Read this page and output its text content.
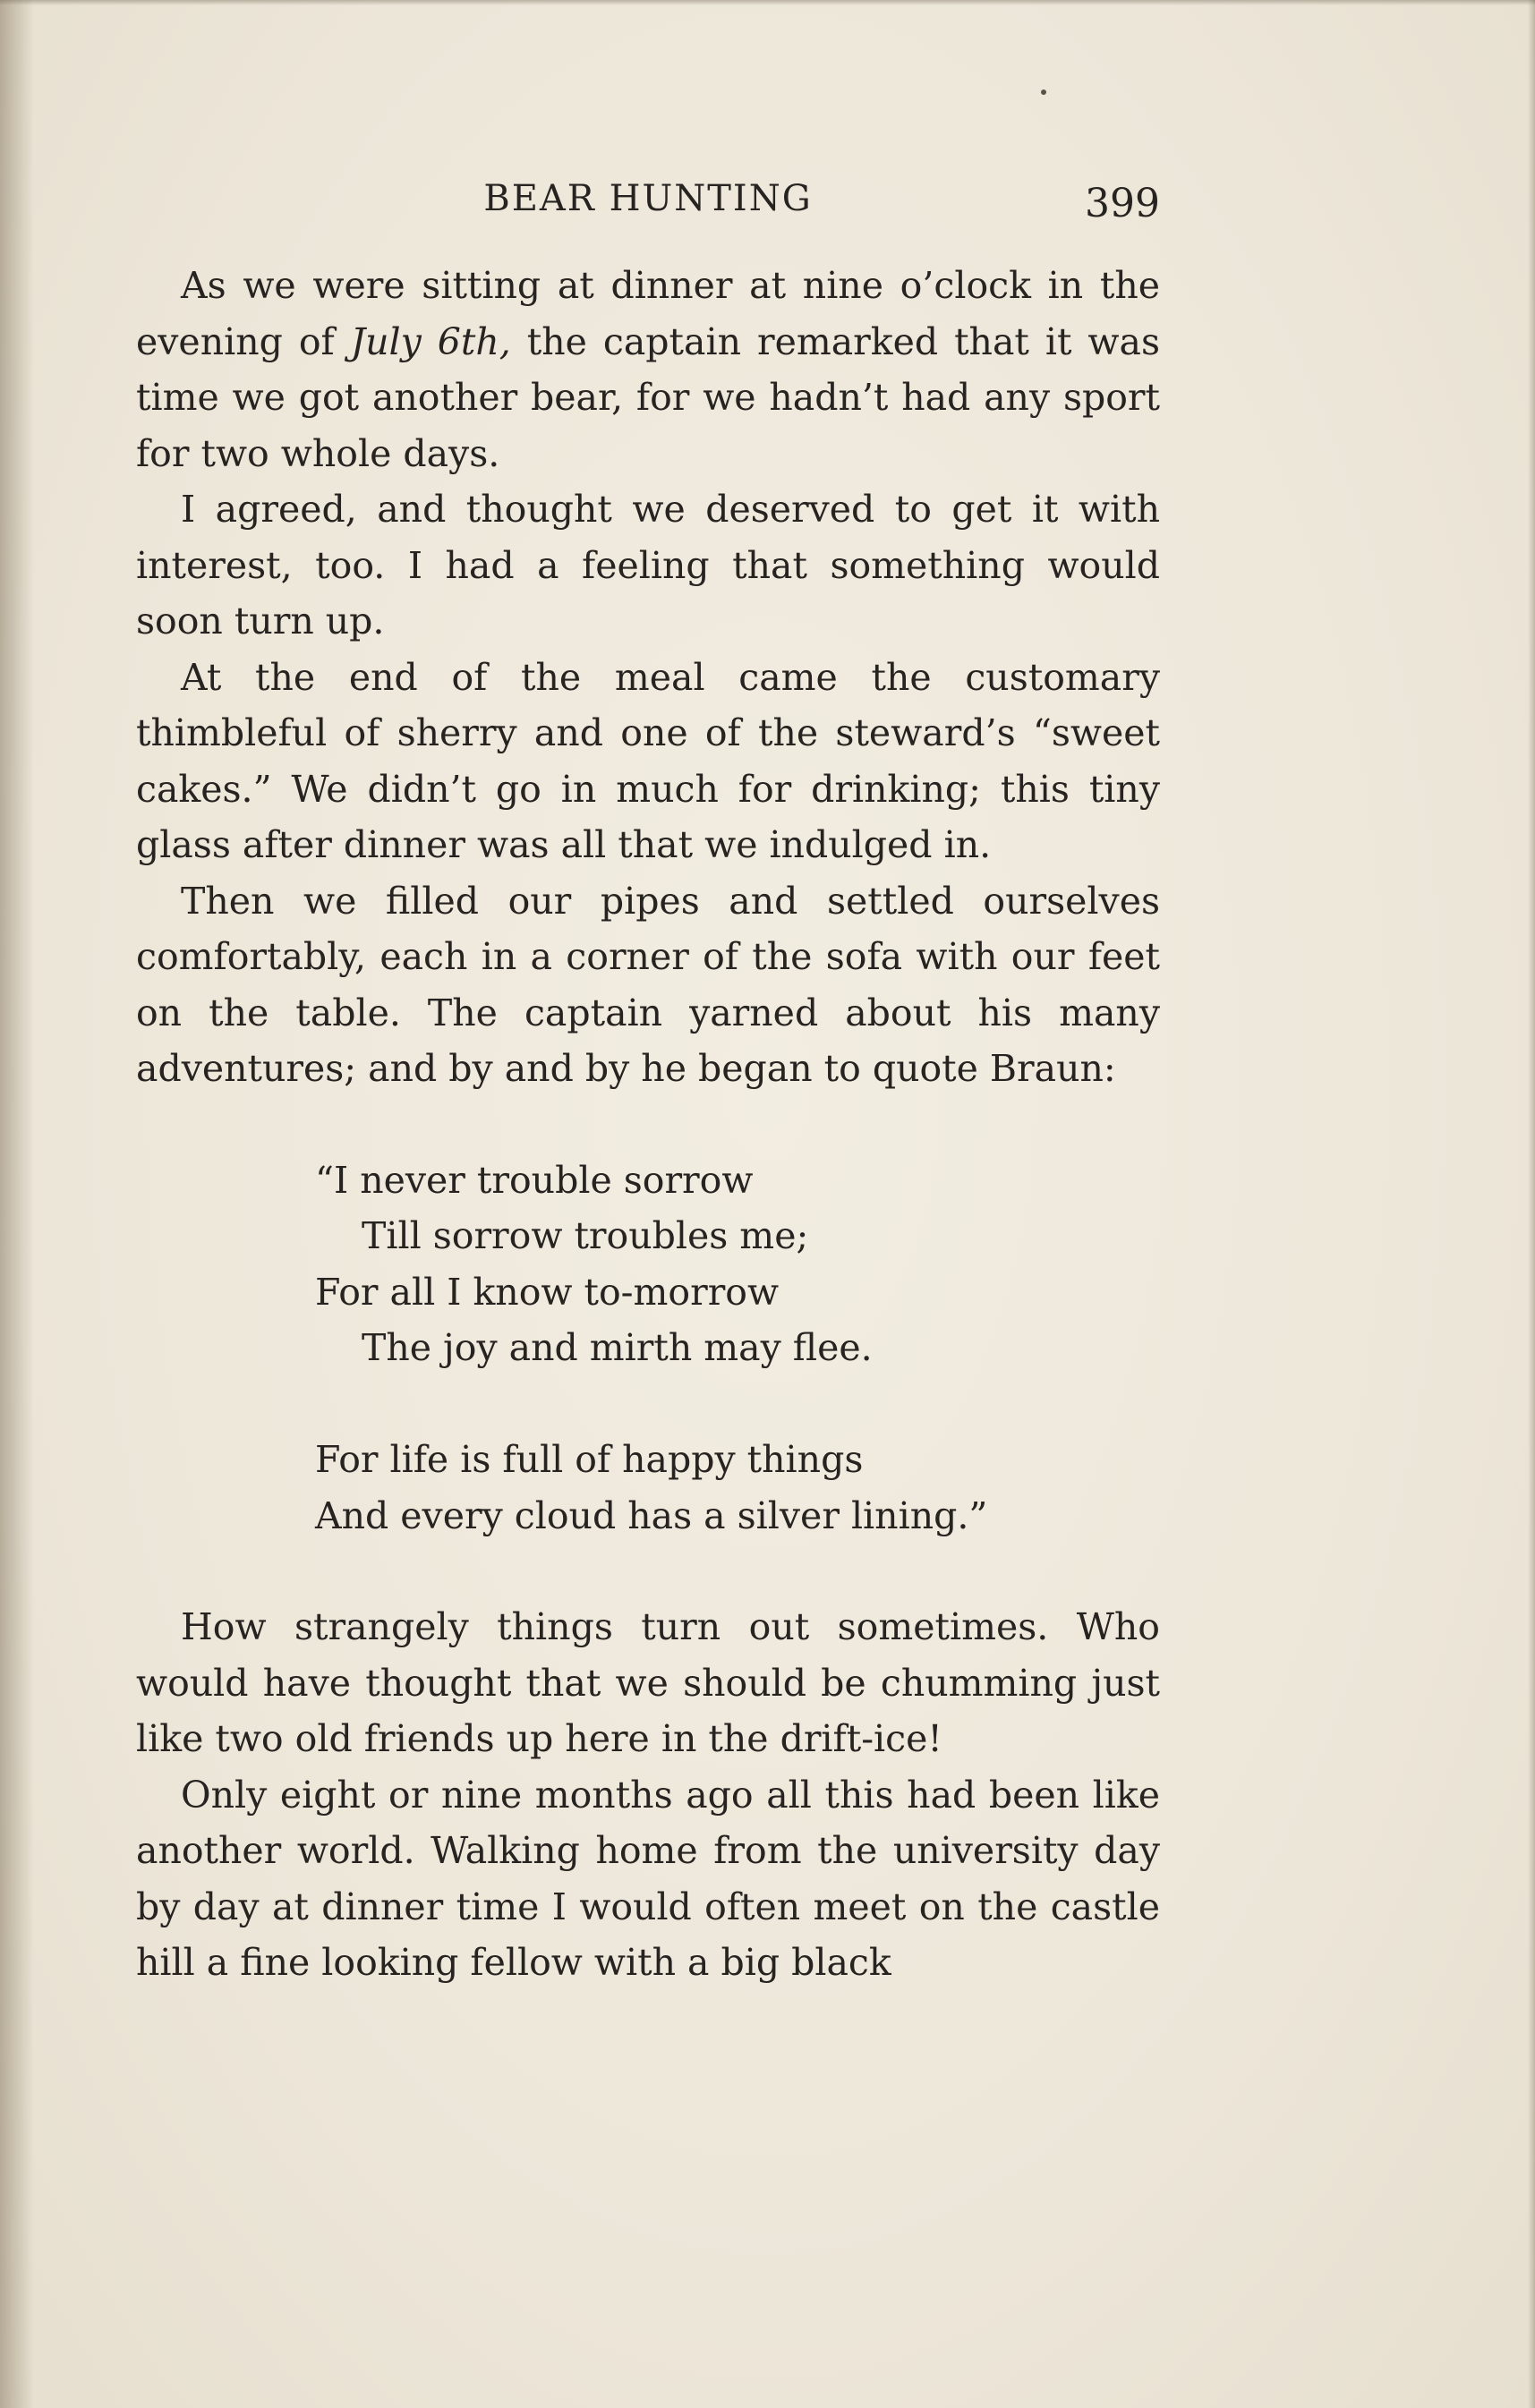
BEAR HUNTING	399

As we were sitting at dinner at nine o’clock in the evening of July 6th, the captain remarked that it was time we got another bear, for we hadn’t had any sport for two whole days.

I agreed, and thought we deserved to get it with interest, too. I had a feeling that something would soon turn up.

At the end of the meal came the customary thimbleful of sherry and one of the steward’s “sweet cakes.” We didn’t go in much for drinking; this tiny glass after dinner was all that we indulged in.

Then we filled our pipes and settled ourselves comfortably, each in a corner of the sofa with our feet on the table. The captain yarned about his many adventures; and by and by he began to quote Braun:

“I never trouble sorrow
Till sorrow troubles me;
For all I know to-morrow
The joy and mirth may flee.
For life is full of happy things
And every cloud has a silver lining.”

How strangely things turn out sometimes. Who would have thought that we should be chumming just like two old friends up here in the drift-ice!

Only eight or nine months ago all this had been like another world. Walking home from the university day by day at dinner time I would often meet on the castle hill a fine looking fellow with a big black
